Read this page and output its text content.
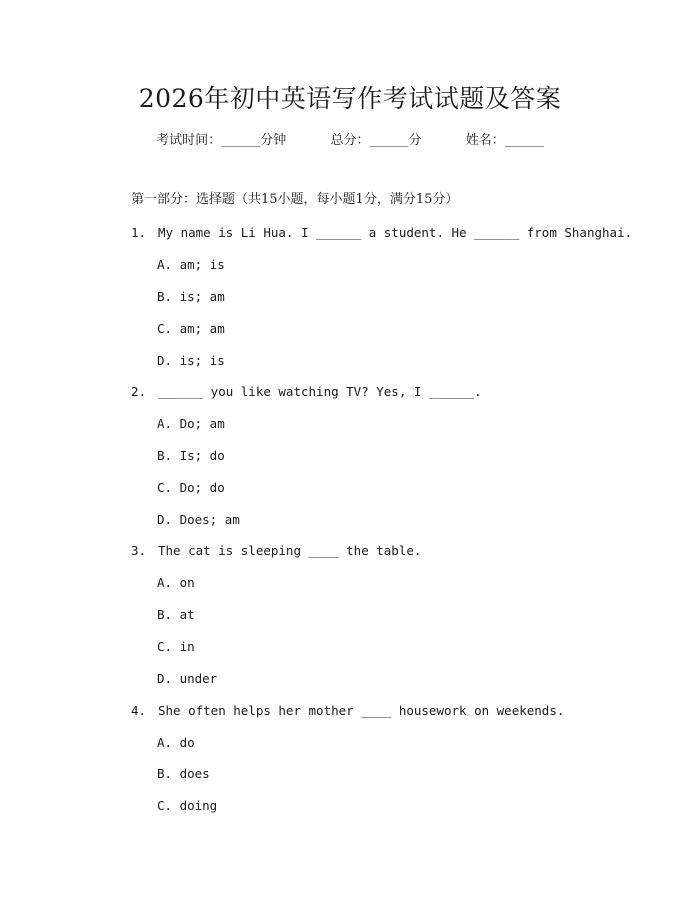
2026年初中英语写作考试试题及答案
考试时间：______分钟	总分：______分	姓名：______
第一部分：选择题（共15小题，每小题1分，满分15分）
1. My name is Li Hua. I ______ a student. He ______ from Shanghai.
A. am; is
B. is; am
C. am; am
D. is; is
2. ______ you like watching TV? Yes, I ______.
A. Do; am
B. Is; do
C. Do; do
D. Does; am
3. The cat is sleeping ____ the table.
A. on
B. at
C. in
D. under
4. She often helps her mother ____ housework on weekends.
A. do
B. does
C. doing
